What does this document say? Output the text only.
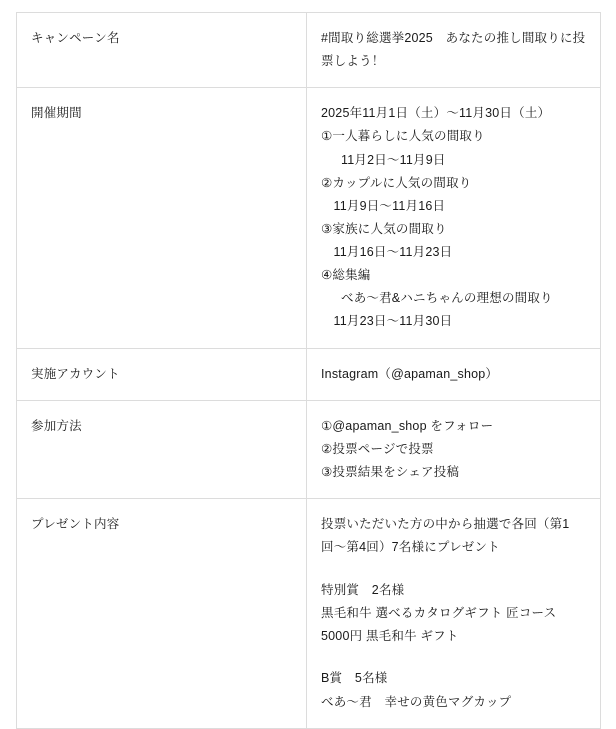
キャンペーン名	#間取り総選挙2025　あなたの推し間取りに投票しよう！

開催期間	2025年11月1日（土）〜11月30日（土）
①一人暮らしに人気の間取り
11月2日〜11月9日
②カップルに人気の間取り
11月9日〜11月16日
③家族に人気の間取り
11月16日〜11月23日
④総集編
べあ〜君&ハニちゃんの理想の間取り
11月23日〜11月30日

実施アカウント	Instagram（@apaman_shop）

参加方法	①@apaman_shop をフォロー
②投票ページで投票
③投票結果をシェア投稿

プレゼント内容	投票いただいた方の中から抽選で各回（第1回〜第4回）7名様にプレゼント
特別賞　2名様
黒毛和牛 選べるカタログギフト 匠コース 5000円 黒毛和牛 ギフト
B賞　5名様
べあ〜君　幸せの黄色マグカップ
